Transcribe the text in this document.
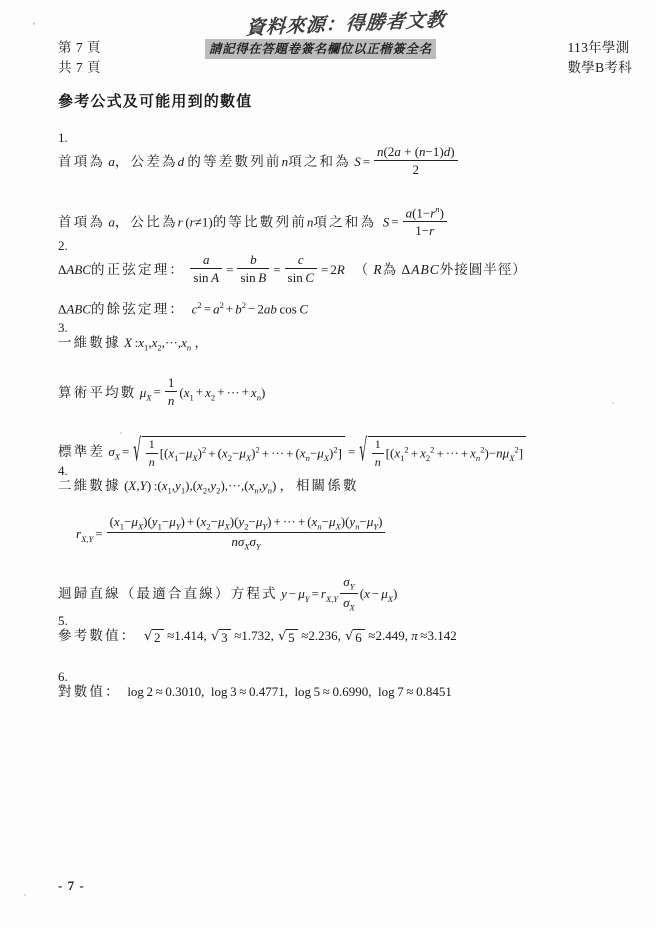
第 7 頁
共 7 頁
113年學測
數學B考科
資料來源：得勝者文教
請記得在答題卷簽名欄位以正楷簽全名
參考公式及可能用到的數值
1.
首項為 a，公差為d 的等差數列前n項之和為 $S = \frac{n(2a + (n-1)d)}{2}$
首項為 a，公比為r (r≠1)的等比數列前n項之和為 $S = \frac{a(1-r^n)}{1-r}$
2.
ΔABC的正弦定理： $\frac{a}{\text{sin A}} = \frac{b}{\text{sin B}} = \frac{c}{\text{sin C}} = 2R$ （ R為 ΔABC外接圓半徑）
ΔABC的餘弦定理： $c^2 = a^2 + b^2 - 2ab$ cos C
3.
一維數據 X $:x_1,x_2,\cdot\cdot\cdot,x_n$ ，
算術平均數 $\mu_X = \frac{1}{n} (x_1 + x_2$ + ··· + $x_n$)
標準差 $\sigma_X$ = √ $\frac{1}{n} [(x_1-\mu_X)^2 + (x_2-\mu_X)^2$ + ··· + $(x_n-\mu_X)^2$] = √ $\frac{1}{n} [(x_1^2 + x_2^2$ + ··· + $x_n^2)-n\mu_X^2$]
4.
二維數據 (X,Y) $:(x_1,y_1),(x_2,y_2),\cdot\cdot\cdot,(x_n,y_n)$ ， 相關係數
$r_{X,Y} = \frac{(x_1-\mu_X)(y_1-\mu_Y) + (x_2-\mu_X)(y_2-\mu_Y) + \cdot\cdot\cdot + (x_n-\mu_X)(y_n-\mu_Y)}{n\sigma_X\sigma_Y}$
迴歸直線（最適合直線）方程式 $y - \mu_Y = r_{X,Y} \frac{\sigma_Y}{\sigma_X} (x - \mu_X)$
5.
參考數值： √ 2 ≈1.414, √ 3 ≈1.732, √ 5 ≈2.236, √ 6 ≈2.449, π ≈3.142
6.
對數值：  log 2 ≈ 0.3010,  log 3 ≈ 0.4771,  log 5 ≈ 0.6990,  log 7 ≈ 0.8451
- 7 -
